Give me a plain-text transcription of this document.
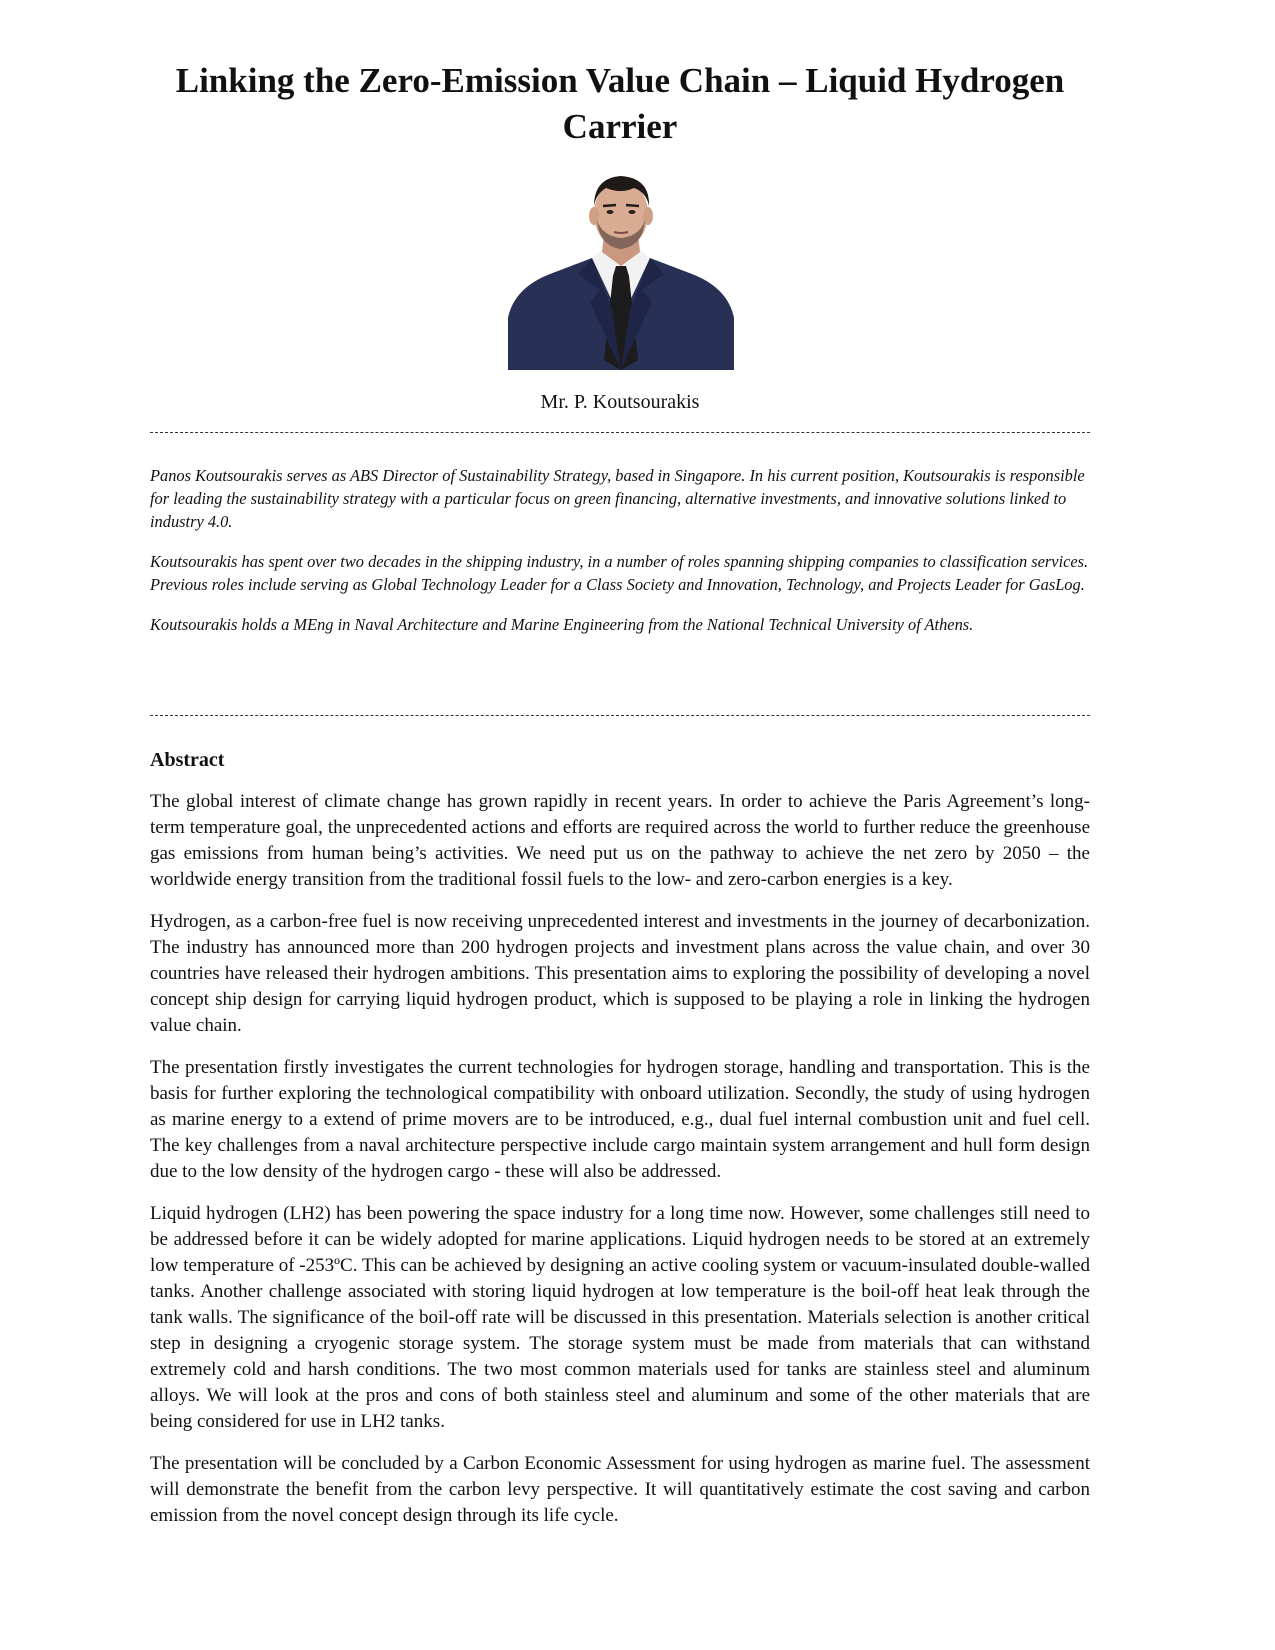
Linking the Zero-Emission Value Chain – Liquid Hydrogen Carrier

Mr. P. Koutsourakis

Panos Koutsourakis serves as ABS Director of Sustainability Strategy, based in Singapore. In his current position, Koutsourakis is responsible for leading the sustainability strategy with a particular focus on green financing, alternative investments, and innovative solutions linked to industry 4.0.

Koutsourakis has spent over two decades in the shipping industry, in a number of roles spanning shipping companies to classification services. Previous roles include serving as Global Technology Leader for a Class Society and Innovation, Technology, and Projects Leader for GasLog.

Koutsourakis holds a MEng in Naval Architecture and Marine Engineering from the National Technical University of Athens.

Abstract

The global interest of climate change has grown rapidly in recent years. In order to achieve the Paris Agreement’s long-term temperature goal, the unprecedented actions and efforts are required across the world to further reduce the greenhouse gas emissions from human being’s activities. We need put us on the pathway to achieve the net zero by 2050 – the worldwide energy transition from the traditional fossil fuels to the low- and zero-carbon energies is a key.

Hydrogen, as a carbon-free fuel is now receiving unprecedented interest and investments in the journey of decarbonization. The industry has announced more than 200 hydrogen projects and investment plans across the value chain, and over 30 countries have released their hydrogen ambitions. This presentation aims to exploring the possibility of developing a novel concept ship design for carrying liquid hydrogen product, which is supposed to be playing a role in linking the hydrogen value chain.

The presentation firstly investigates the current technologies for hydrogen storage, handling and transportation. This is the basis for further exploring the technological compatibility with onboard utilization. Secondly, the study of using hydrogen as marine energy to a extend of prime movers are to be introduced, e.g., dual fuel internal combustion unit and fuel cell. The key challenges from a naval architecture perspective include cargo maintain system arrangement and hull form design due to the low density of the hydrogen cargo - these will also be addressed.

Liquid hydrogen (LH2) has been powering the space industry for a long time now. However, some challenges still need to be addressed before it can be widely adopted for marine applications. Liquid hydrogen needs to be stored at an extremely low temperature of -253ºC. This can be achieved by designing an active cooling system or vacuum-insulated double-walled tanks. Another challenge associated with storing liquid hydrogen at low temperature is the boil-off heat leak through the tank walls. The significance of the boil-off rate will be discussed in this presentation. Materials selection is another critical step in designing a cryogenic storage system. The storage system must be made from materials that can withstand extremely cold and harsh conditions. The two most common materials used for tanks are stainless steel and aluminum alloys. We will look at the pros and cons of both stainless steel and aluminum and some of the other materials that are being considered for use in LH2 tanks.

The presentation will be concluded by a Carbon Economic Assessment for using hydrogen as marine fuel. The assessment will demonstrate the benefit from the carbon levy perspective. It will quantitatively estimate the cost saving and carbon emission from the novel concept design through its life cycle.
